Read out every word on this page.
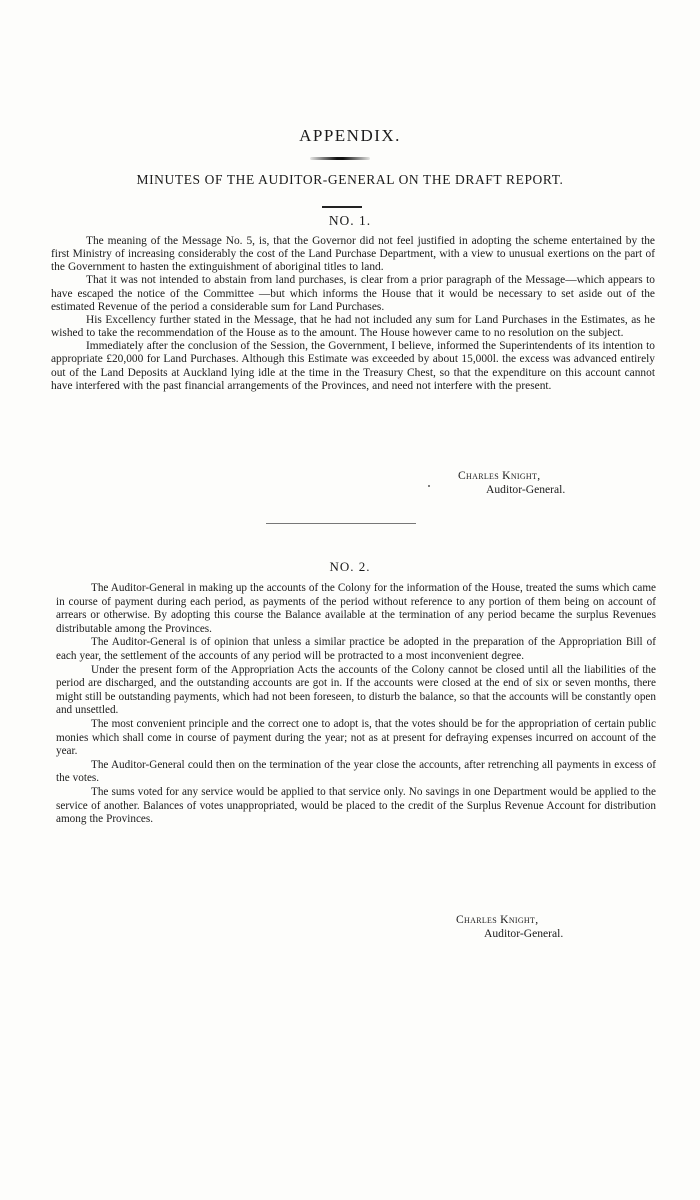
APPENDIX.
MINUTES OF THE AUDITOR-GENERAL ON THE DRAFT REPORT.
NO. 1.

The meaning of the Message No. 5, is, that the Governor did not feel justified in adopting the scheme entertained by the first Ministry of increasing considerably the cost of the Land Purchase Department, with a view to unusual exertions on the part of the Government to hasten the extinguishment of aboriginal titles to land.

That it was not intended to abstain from land purchases, is clear from a prior paragraph of the Message—which appears to have escaped the notice of the Committee —but which informs the House that it would be necessary to set aside out of the estimated Revenue of the period a considerable sum for Land Purchases.

His Excellency further stated in the Message, that he had not included any sum for Land Purchases in the Estimates, as he wished to take the recommendation of the House as to the amount. The House however came to no resolution on the subject.

Immediately after the conclusion of the Session, the Government, I believe, informed the Superintendents of its intention to appropriate £20,000 for Land Purchases. Although this Estimate was exceeded by about 15,000l. the excess was advanced entirely out of the Land Deposits at Auckland lying idle at the time in the Treasury Chest, so that the expenditure on this account cannot have interfered with the past financial arrangements of the Provinces, and need not interfere with the present.

Charles Knight,
Auditor-General.
NO. 2.

The Auditor-General in making up the accounts of the Colony for the information of the House, treated the sums which came in course of payment during each period, as payments of the period without reference to any portion of them being on account of arrears or otherwise. By adopting this course the Balance available at the termination of any period became the surplus Revenues distributable among the Provinces.

The Auditor-General is of opinion that unless a similar practice be adopted in the preparation of the Appropriation Bill of each year, the settlement of the accounts of any period will be protracted to a most inconvenient degree.

Under the present form of the Appropriation Acts the accounts of the Colony cannot be closed until all the liabilities of the period are discharged, and the outstanding accounts are got in. If the accounts were closed at the end of six or seven months, there might still be outstanding payments, which had not been foreseen, to disturb the balance, so that the accounts will be constantly open and unsettled.

The most convenient principle and the correct one to adopt is, that the votes should be for the appropriation of certain public monies which shall come in course of payment during the year; not as at present for defraying expenses incurred on account of the year.

The Auditor-General could then on the termination of the year close the accounts, after retrenching all payments in excess of the votes.

The sums voted for any service would be applied to that service only. No savings in one Department would be applied to the service of another. Balances of votes unappropriated, would be placed to the credit of the Surplus Revenue Account for distribution among the Provinces.

Charles Knight,
Auditor-General.
